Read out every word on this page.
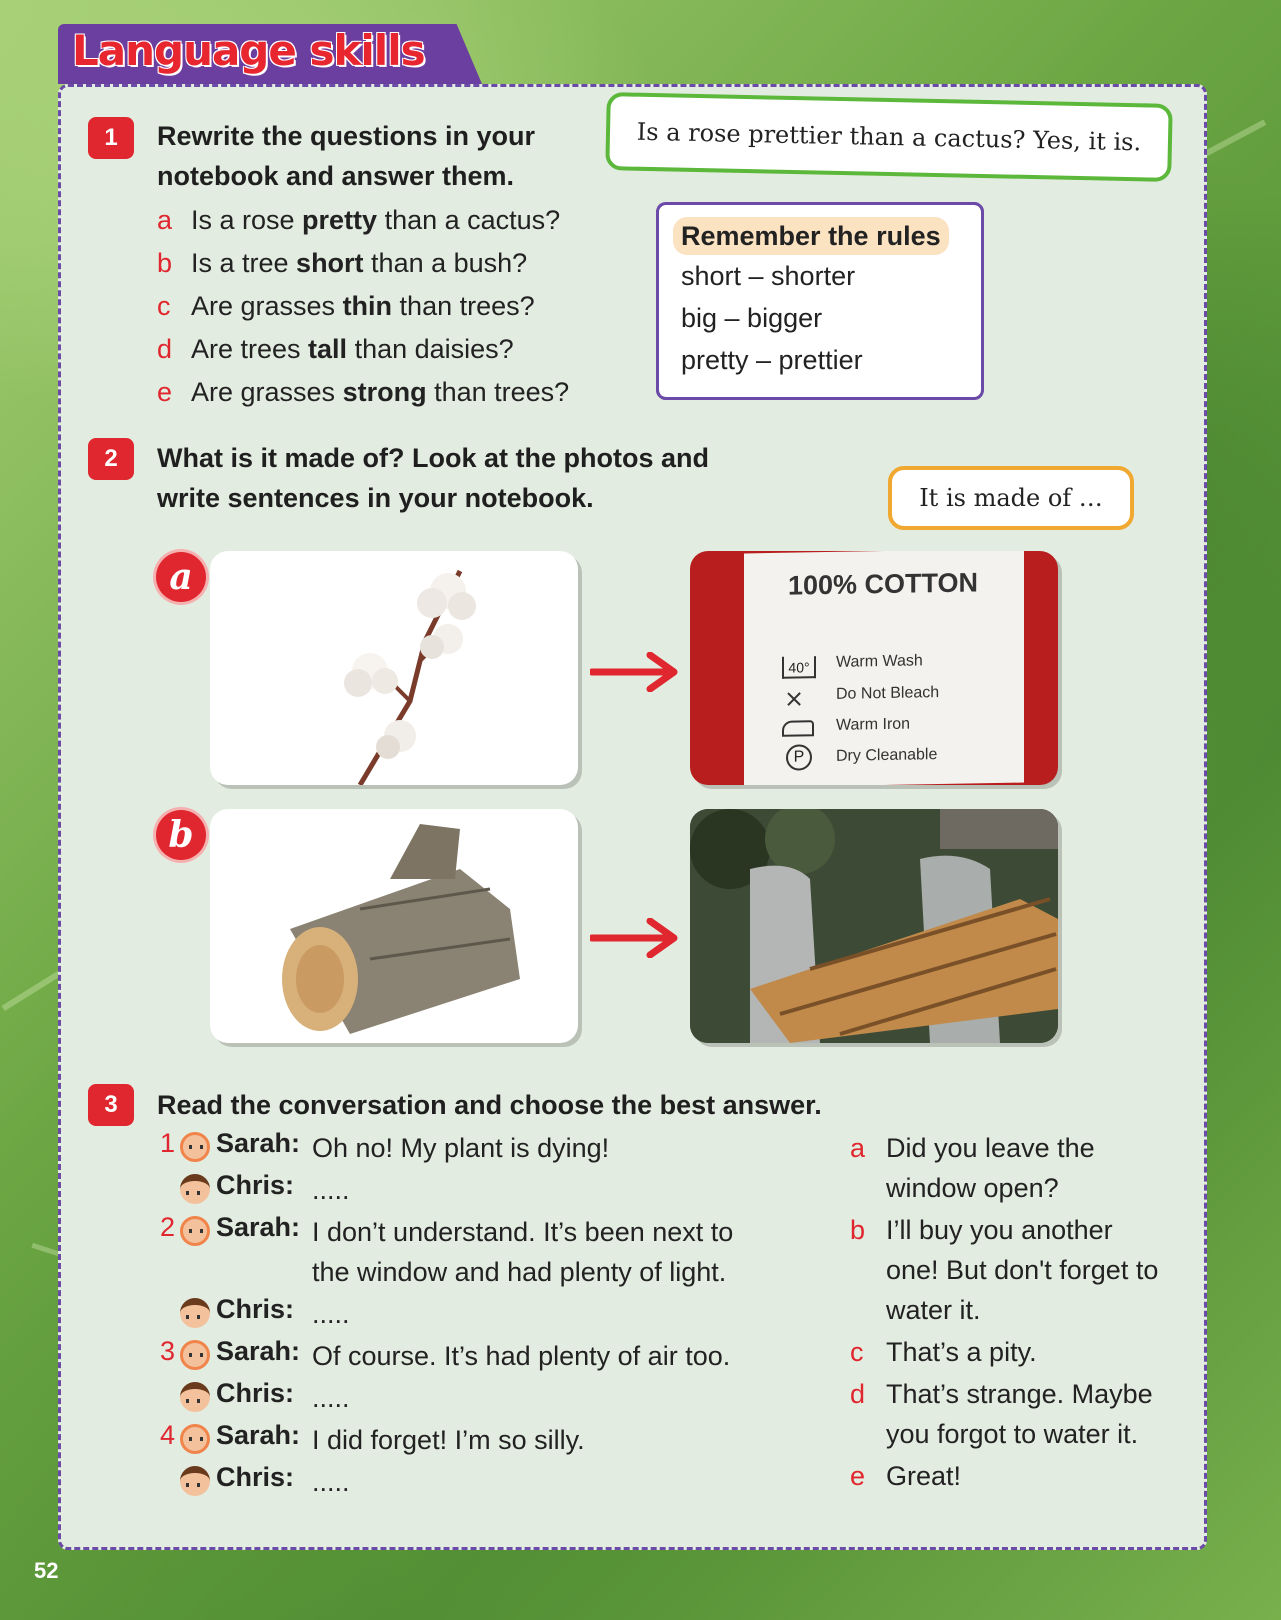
Language skills
1	Rewrite the questions in your
notebook and answer them.
a Is a rose pretty than a cactus?
b Is a tree short than a bush?
c Are grasses thin than trees?
d Are trees tall than daisies?
e Are grasses strong than trees?
Is a rose prettier than a cactus? Yes, it is.
Remember the rules
short – shorter
big – bigger
pretty – prettier
2	What is it made of? Look at the photos and
write sentences in your notebook.	It is made of …
a	100% COTTON
40°	Warm Wash
⨯ Do Not Bleach
Warm Iron
P	Dry Cleanable
b
3	Read the conversation and choose the best answer.
1 Sarah: Oh no! My plant is dying!
Chris: .....
2 Sarah: I don’t understand. It’s been next to
the window and had plenty of light.
Chris: .....
3 Sarah: Of course. It’s had plenty of air too.
Chris: .....
4 Sarah: I did forget! I’m so silly.
Chris: .....
a Did you leave the
window open?
b I’ll buy you another
one! But don't forget to
water it.
c That’s a pity.
d That’s strange. Maybe
you forgot to water it.
e Great!
52
